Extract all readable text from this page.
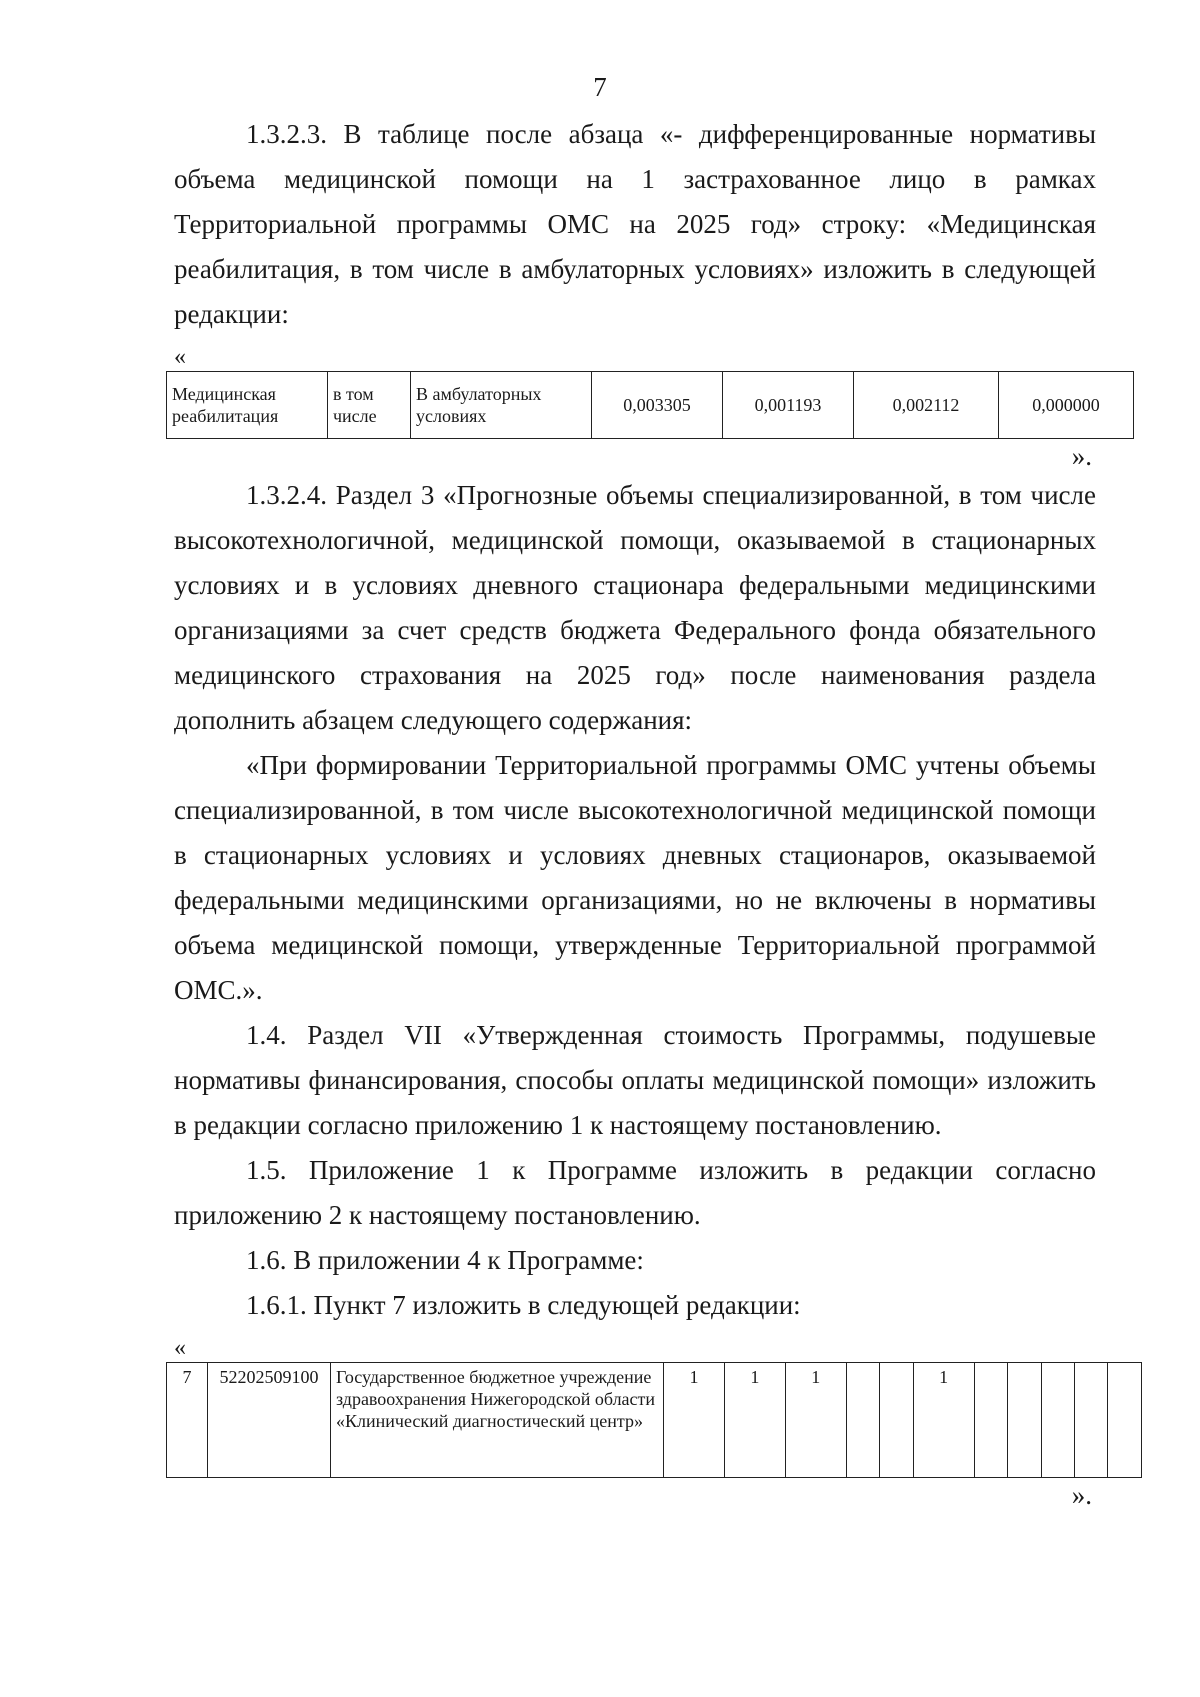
7

1.3.2.3. В таблице после абзаца «- дифференцированные нормативы объема медицинской помощи на 1 застрахованное лицо в рамках Территориальной программы ОМС на 2025 год» строку: «Медицинская реабилитация, в том числе в амбулаторных условиях» изложить в следующей редакции:

«
Медицинская реабилитация	в том числе	В амбулаторных условиях	0,003305	0,001193	0,002112	0,000000
».

1.3.2.4. Раздел 3 «Прогнозные объемы специализированной, в том числе высокотехнологичной, медицинской помощи, оказываемой в стационарных условиях и в условиях дневного стационара федеральными медицинскими организациями за счет средств бюджета Федерального фонда обязательного медицинского страхования на 2025 год» после наименования раздела дополнить абзацем следующего содержания:

«При формировании Территориальной программы ОМС учтены объемы специализированной, в том числе высокотехнологичной медицинской помощи в стационарных условиях и условиях дневных стационаров, оказываемой федеральными медицинскими организациями, но не включены в нормативы объема медицинской помощи, утвержденные Территориальной программой ОМС.».

1.4. Раздел VII «Утвержденная стоимость Программы, подушевые нормативы финансирования, способы оплаты медицинской помощи» изложить в редакции согласно приложению 1 к настоящему постановлению.

1.5. Приложение 1 к Программе изложить в редакции согласно приложению 2 к настоящему постановлению.

1.6. В приложении 4 к Программе:

1.6.1. Пункт 7 изложить в следующей редакции:

«
7	52202509100	Государственное бюджетное учреждение здравоохранения Нижегородской области «Клинический диагностический центр»	1	1	1			1					
».
